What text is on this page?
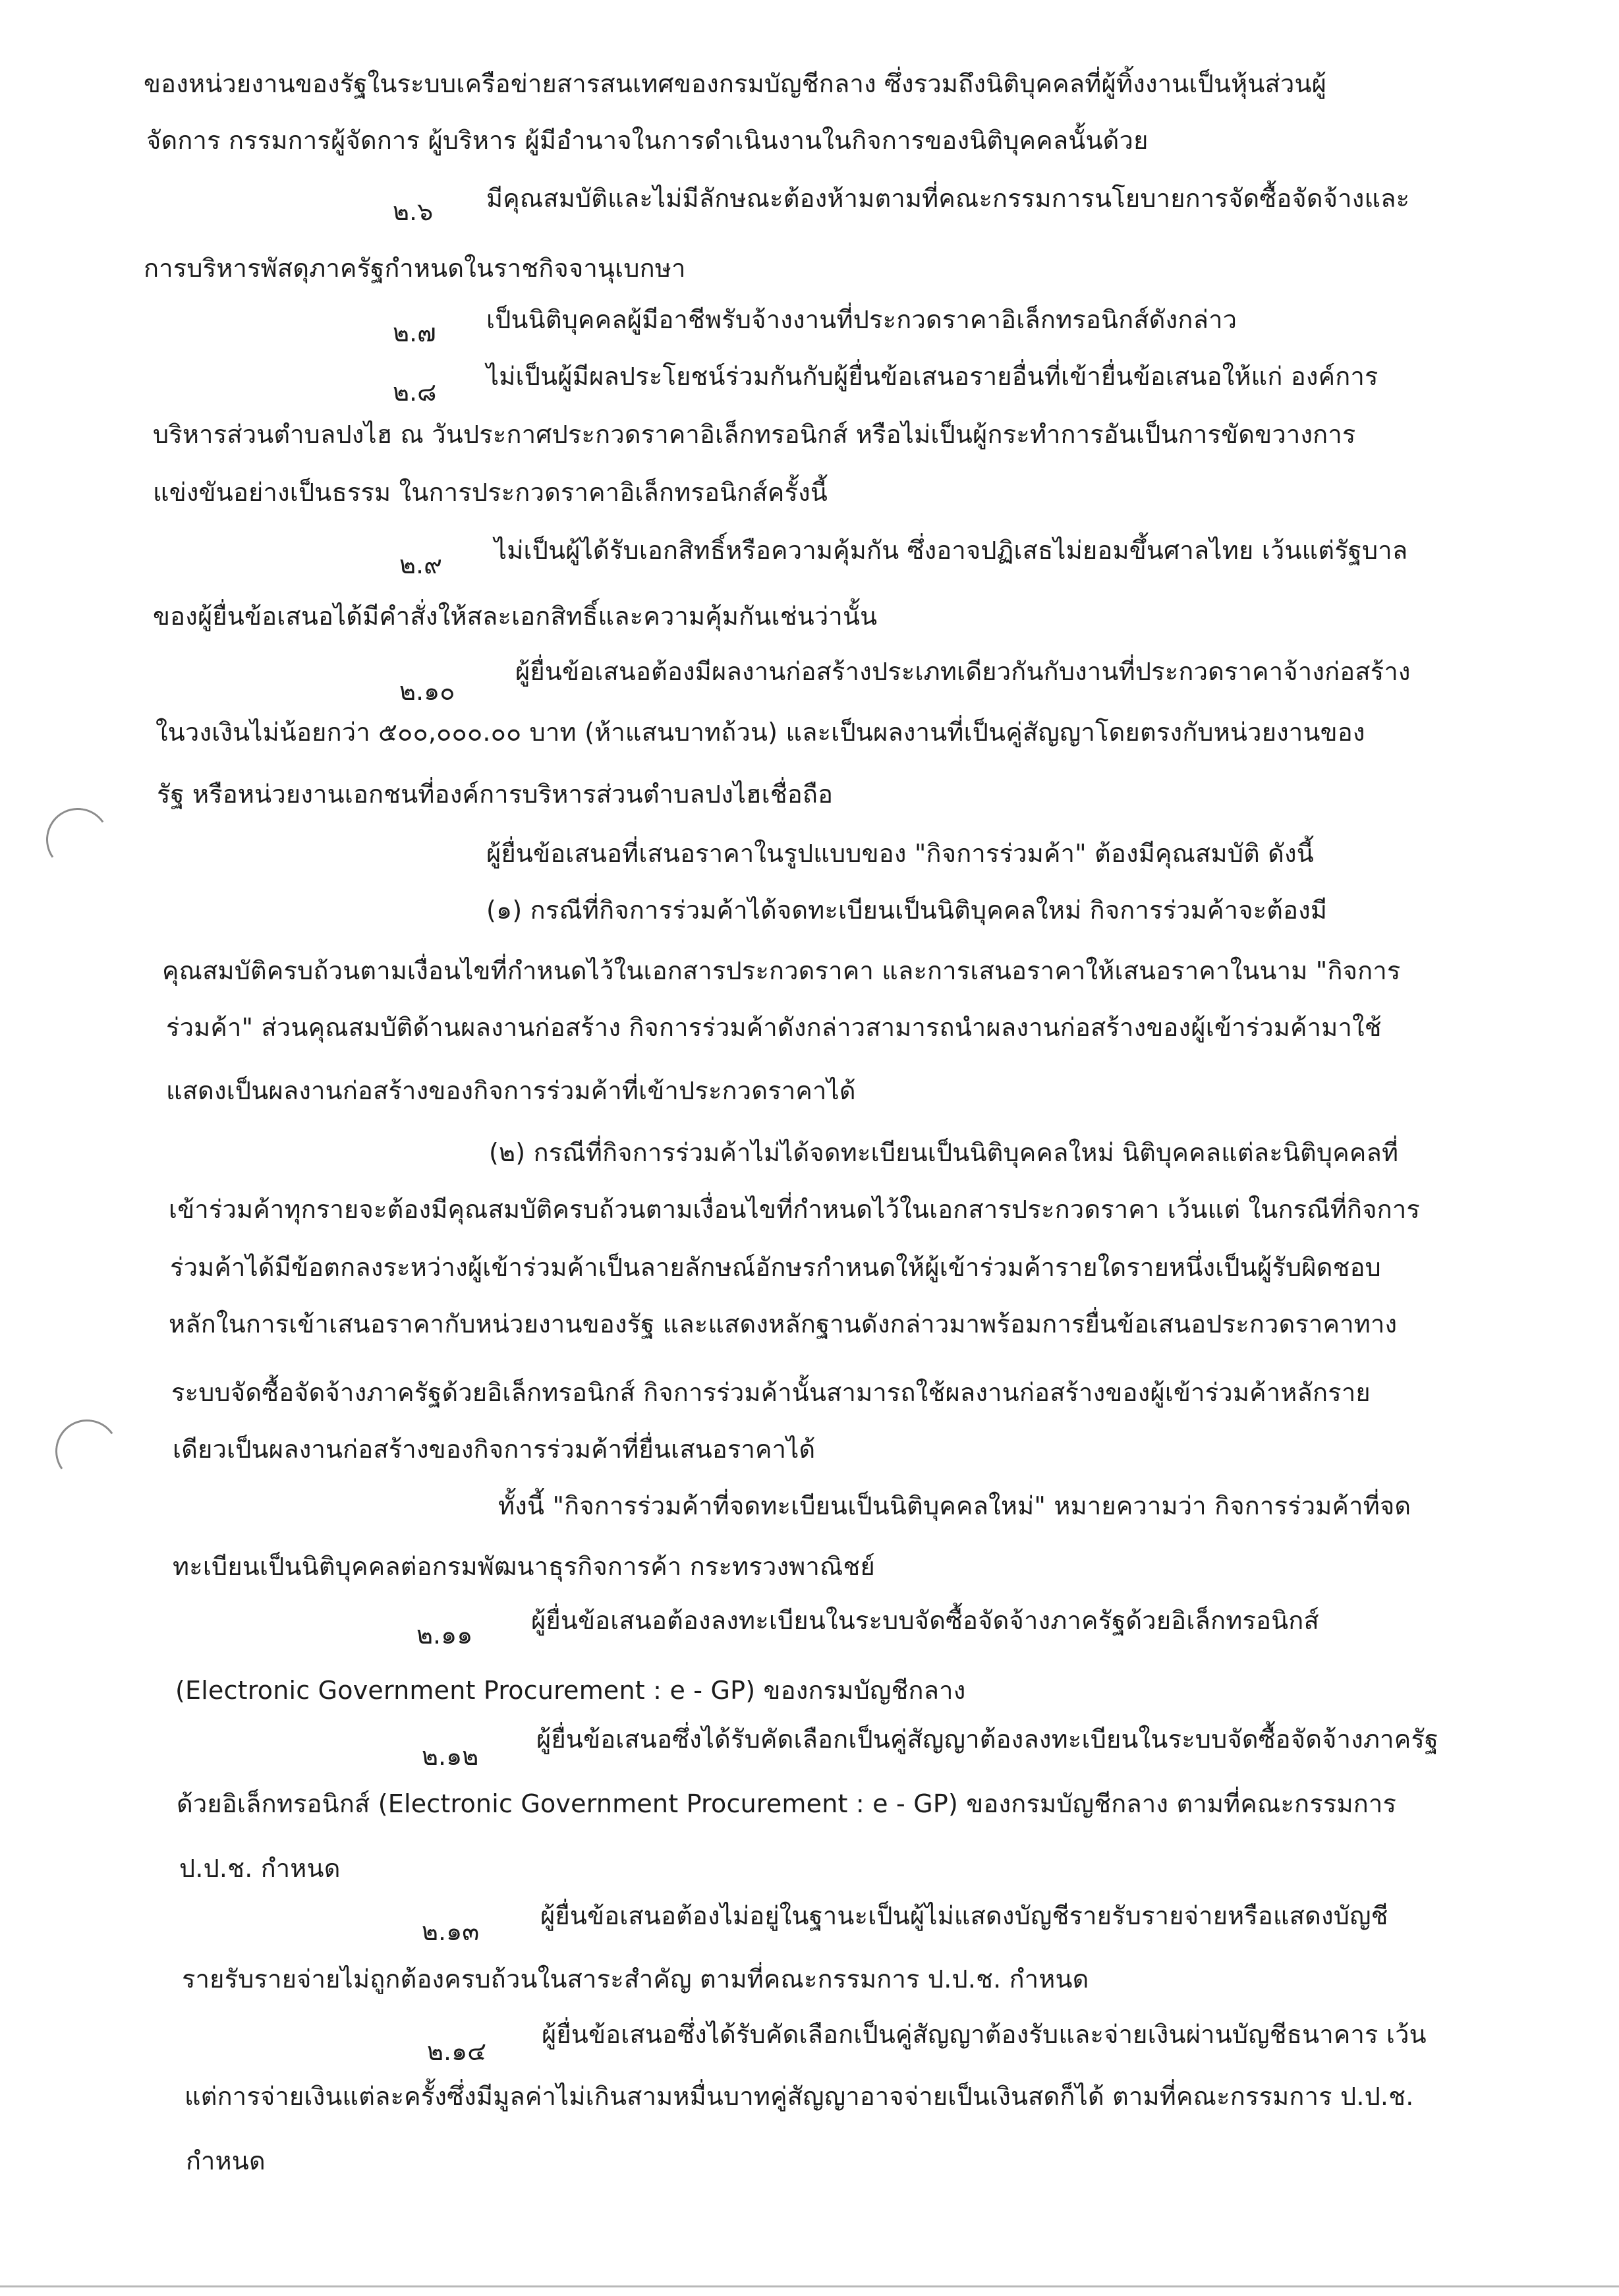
ของหน่วยงานของรัฐในระบบเครือข่ายสารสนเทศของกรมบัญชีกลาง ซึ่งรวมถึงนิติบุคคลที่ผู้ทิ้งงานเป็นหุ้นส่วนผู้

จัดการ กรรมการผู้จัดการ ผู้บริหาร ผู้มีอำนาจในการดำเนินงานในกิจการของนิติบุคคลนั้นด้วย

๒.๖ มีคุณสมบัติและไม่มีลักษณะต้องห้ามตามที่คณะกรรมการนโยบายการจัดซื้อจัดจ้างและ

การบริหารพัสดุภาครัฐกำหนดในราชกิจจานุเบกษา

๒.๗ เป็นนิติบุคคลผู้มีอาชีพรับจ้างงานที่ประกวดราคาอิเล็กทรอนิกส์ดังกล่าว

๒.๘

ไม่เป็นผู้มีผลประโยชน์ร่วมกันกับผู้ยื่นข้อเสนอรายอื่นที่เข้ายื่นข้อเสนอให้แก่ องค์การ

บริหารส่วนตำบลปงไฮ ณ วันประกาศประกวดราคาอิเล็กทรอนิกส์ หรือไม่เป็นผู้กระทำการอันเป็นการขัดขวางการ

แข่งขันอย่างเป็นธรรม ในการประกวดราคาอิเล็กทรอนิกส์ครั้งนี้

๒.๙ ไม่เป็นผู้ได้รับเอกสิทธิ์หรือความคุ้มกัน ซึ่งอาจปฏิเสธไม่ยอมขึ้นศาลไทย เว้นแต่รัฐบาล

ของผู้ยื่นข้อเสนอได้มีคำสั่งให้สละเอกสิทธิ์และความคุ้มกันเช่นว่านั้น

๒.๑๐

ผู้ยื่นข้อเสนอต้องมีผลงานก่อสร้างประเภทเดียวกันกับงานที่ประกวดราคาจ้างก่อสร้าง

ในวงเงินไม่น้อยกว่า ๕๐๐,๐๐๐.๐๐ บาท (ห้าแสนบาทถ้วน) และเป็นผลงานที่เป็นคู่สัญญาโดยตรงกับหน่วยงานของ

รัฐ หรือหน่วยงานเอกชนที่องค์การบริหารส่วนตำบลปงไฮเชื่อถือ

ผู้ยื่นข้อเสนอที่เสนอราคาในรูปแบบของ "กิจการร่วมค้า" ต้องมีคุณสมบัติ ดังนี้

(๑) กรณีที่กิจการร่วมค้าได้จดทะเบียนเป็นนิติบุคคลใหม่ กิจการร่วมค้าจะต้องมี

คุณสมบัติครบถ้วนตามเงื่อนไขที่กำหนดไว้ในเอกสารประกวดราคา และการเสนอราคาให้เสนอราคาในนาม "กิจการ

ร่วมค้า" ส่วนคุณสมบัติด้านผลงานก่อสร้าง กิจการร่วมค้าดังกล่าวสามารถนำผลงานก่อสร้างของผู้เข้าร่วมค้ามาใช้

แสดงเป็นผลงานก่อสร้างของกิจการร่วมค้าที่เข้าประกวดราคาได้

(๒) กรณีที่กิจการร่วมค้าไม่ได้จดทะเบียนเป็นนิติบุคคลใหม่ นิติบุคคลแต่ละนิติบุคคลที่

เข้าร่วมค้าทุกรายจะต้องมีคุณสมบัติครบถ้วนตามเงื่อนไขที่กำหนดไว้ในเอกสารประกวดราคา เว้นแต่ ในกรณีที่กิจการ

ร่วมค้าได้มีข้อตกลงระหว่างผู้เข้าร่วมค้าเป็นลายลักษณ์อักษรกำหนดให้ผู้เข้าร่วมค้ารายใดรายหนึ่งเป็นผู้รับผิดชอบ

หลักในการเข้าเสนอราคากับหน่วยงานของรัฐ และแสดงหลักฐานดังกล่าวมาพร้อมการยื่นข้อเสนอประกวดราคาทาง

ระบบจัดซื้อจัดจ้างภาครัฐด้วยอิเล็กทรอนิกส์ กิจการร่วมค้านั้นสามารถใช้ผลงานก่อสร้างของผู้เข้าร่วมค้าหลักราย

เดียวเป็นผลงานก่อสร้างของกิจการร่วมค้าที่ยื่นเสนอราคาได้

ทั้งนี้ "กิจการร่วมค้าที่จดทะเบียนเป็นนิติบุคคลใหม่" หมายความว่า กิจการร่วมค้าที่จด

ทะเบียนเป็นนิติบุคคลต่อกรมพัฒนาธุรกิจการค้า กระทรวงพาณิชย์

๒.๑๑ ผู้ยื่นข้อเสนอต้องลงทะเบียนในระบบจัดซื้อจัดจ้างภาครัฐด้วยอิเล็กทรอนิกส์

(Electronic Government Procurement : e - GP) ของกรมบัญชีกลาง

๒.๑๒

ผู้ยื่นข้อเสนอซึ่งได้รับคัดเลือกเป็นคู่สัญญาต้องลงทะเบียนในระบบจัดซื้อจัดจ้างภาครัฐ

ด้วยอิเล็กทรอนิกส์ (Electronic Government Procurement : e - GP) ของกรมบัญชีกลาง ตามที่คณะกรรมการ

ป.ป.ช. กำหนด

๒.๑๓

ผู้ยื่นข้อเสนอต้องไม่อยู่ในฐานะเป็นผู้ไม่แสดงบัญชีรายรับรายจ่ายหรือแสดงบัญชี

รายรับรายจ่ายไม่ถูกต้องครบถ้วนในสาระสำคัญ ตามที่คณะกรรมการ ป.ป.ช. กำหนด

๒.๑๔

ผู้ยื่นข้อเสนอซึ่งได้รับคัดเลือกเป็นคู่สัญญาต้องรับและจ่ายเงินผ่านบัญชีธนาคาร เว้น

แต่การจ่ายเงินแต่ละครั้งซึ่งมีมูลค่าไม่เกินสามหมื่นบาทคู่สัญญาอาจจ่ายเป็นเงินสดก็ได้ ตามที่คณะกรรมการ ป.ป.ช.

กำหนด
